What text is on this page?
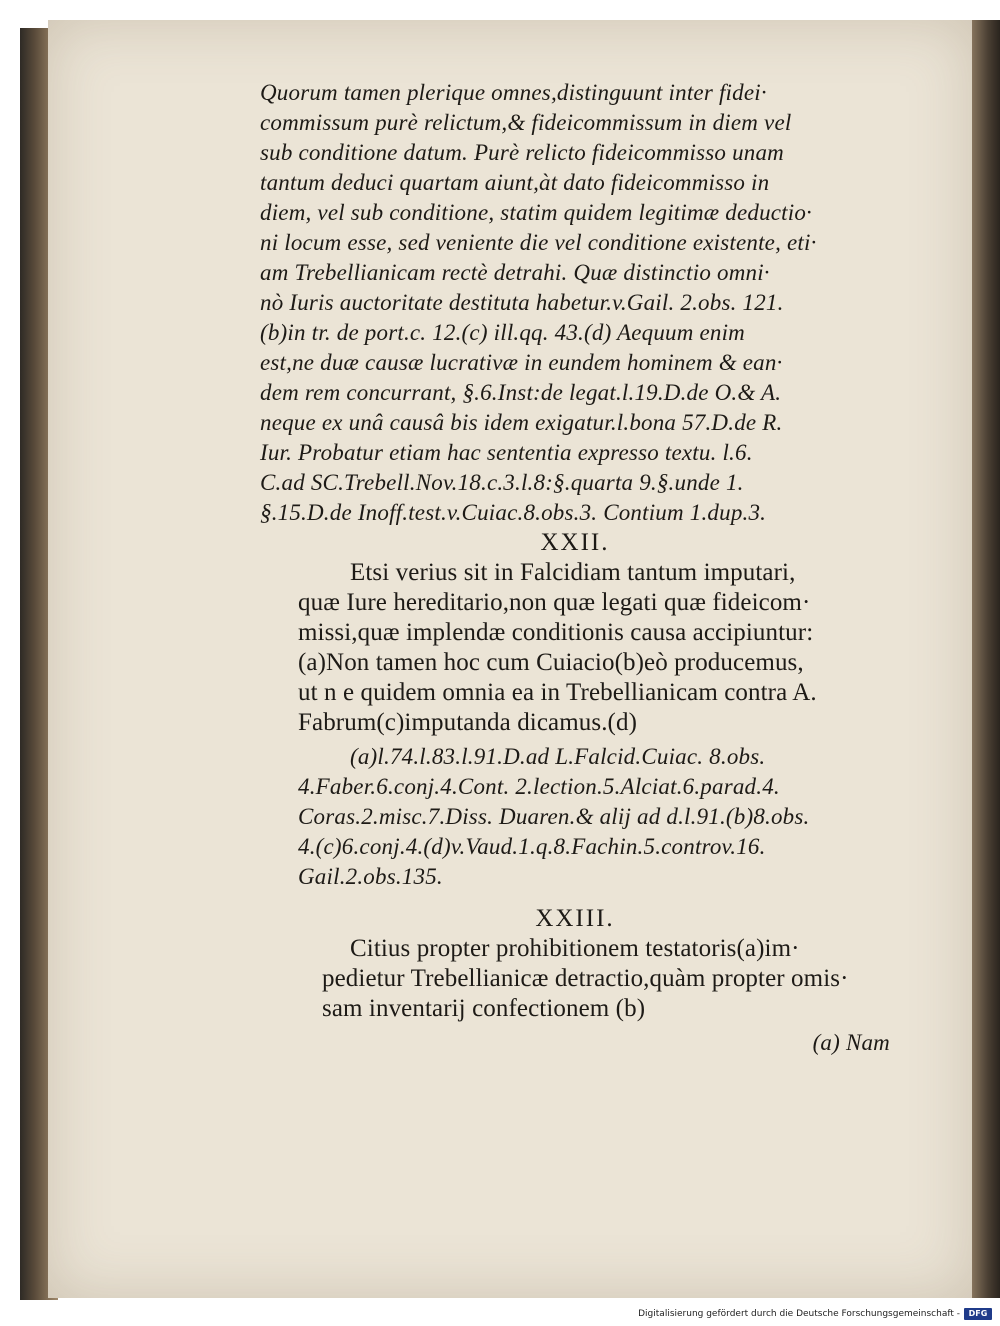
Quorum tamen plerique omnes,distinguunt inter fidei·
commissum purè relictum,& fideicommissum in diem vel
sub conditione datum. Purè relicto fideicommisso unam
tantum deduci quartam aiunt,àt dato fideicommisso in
diem, vel sub conditione, statim quidem legitimæ deductio·
ni locum esse, sed veniente die vel conditione existente, eti·
am Trebellianicam rectè detrahi. Quæ distinctio omni·
nò Iuris auctoritate destituta habetur.v.Gail. 2.obs. 121.
(b)in tr. de port.c. 12.(c) ill.qq. 43.(d) Aequum enim
est,ne duæ causæ lucrativæ in eundem hominem & ean·
dem rem concurrant, §.6.Inst:de legat.l.19.D.de O.& A.
neque ex unâ causâ bis idem exigatur.l.bona 57.D.de R.
Iur. Probatur etiam hac sententia expresso textu. l.6.
C.ad SC.Trebell.Nov.18.c.3.l.8:§.quarta 9.§.unde 1.
§.15.D.de Inoff.test.v.Cuiac.8.obs.3. Contium 1.dup.3.
XXII.
Etsi verius sit in Falcidiam tantum imputari,
quæ Iure hereditario,non quæ legati quæ fideicom·
missi,quæ implendæ conditionis causa accipiuntur:
(a)Non tamen hoc cum Cuiacio(b)eò producemus,
ut n e quidem omnia ea in Trebellianicam contra A.
Fabrum(c)imputanda dicamus.(d)
(a)l.74.l.83.l.91.D.ad L.Falcid.Cuiac. 8.obs.
4.Faber.6.conj.4.Cont. 2.lection.5.Alciat.6.parad.4.
Coras.2.misc.7.Diss. Duaren.& alij ad d.l.91.(b)8.obs.
4.(c)6.conj.4.(d)v.Vaud.1.q.8.Fachin.5.controv.16.
Gail.2.obs.135.
XXIII.
Citius propter prohibitionem testatoris(a)im·
pedietur Trebellianicæ detractio,quàm propter omis·
sam inventarij confectionem (b)
(a) Nam
Digitalisierung gefördert durch die Deutsche Forschungsgemeinschaft -	DFG
